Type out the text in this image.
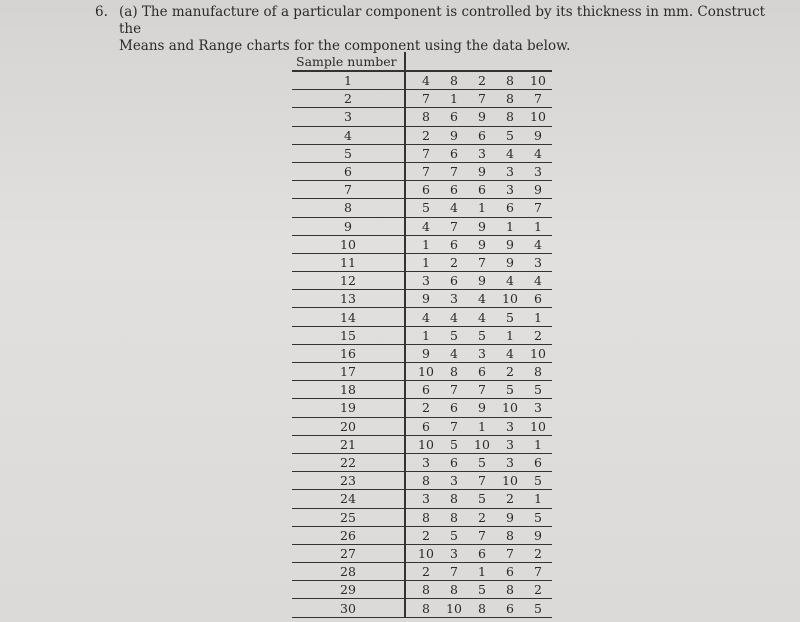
6. (a) The manufacture of a particular component is controlled by its thickness in mm. Construct the
Means and Range charts for the component using the data below.
Sample number					
1	4	8	2	8	10
2	7	1	7	8	7
3	8	6	9	8	10
4	2	9	6	5	9
5	7	6	3	4	4
6	7	7	9	3	3
7	6	6	6	3	9
8	5	4	1	6	7
9	4	7	9	1	1
10	1	6	9	9	4
11	1	2	7	9	3
12	3	6	9	4	4
13	9	3	4	10	6
14	4	4	4	5	1
15	1	5	5	1	2
16	9	4	3	4	10
17	10	8	6	2	8
18	6	7	7	5	5
19	2	6	9	10	3
20	6	7	1	3	10
21	10	5	10	3	1
22	3	6	5	3	6
23	8	3	7	10	5
24	3	8	5	2	1
25	8	8	2	9	5
26	2	5	7	8	9
27	10	3	6	7	2
28	2	7	1	6	7
29	8	8	5	8	2
30	8	10	8	6	5
